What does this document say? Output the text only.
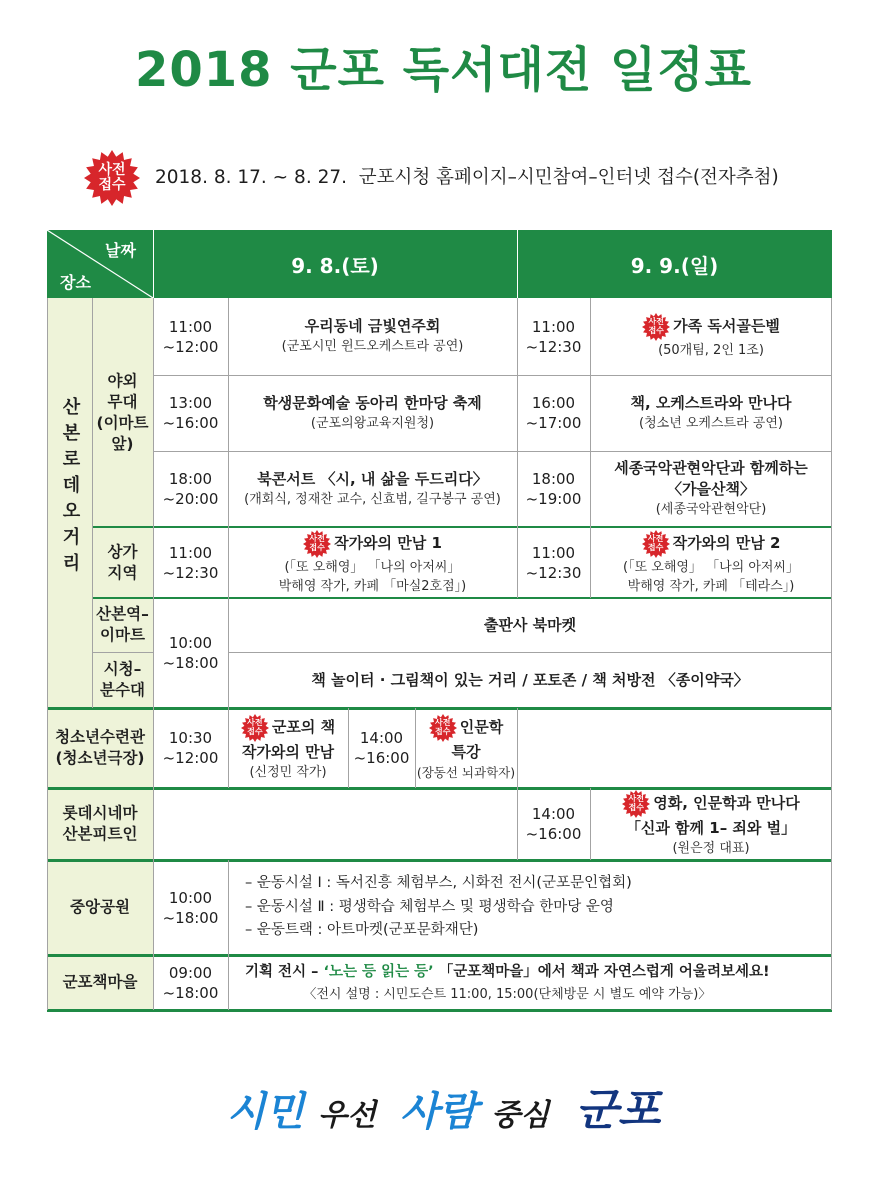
2018 군포 독서대전 일정표
사전
접수	2018. 8. 17. ~ 8. 27.  군포시청 홈페이지–시민참여–인터넷 접수(전자추첨)
날짜
장소
9. 8.(토)	9. 9.(일)
산본로데오거리
야외
무대
(이마트
앞)
상가
지역
산본역–
이마트
시청–
분수대
11:00
~12:00
우리동네 금빛연주회
(군포시민 윈드오케스트라 공연)
11:00
~12:30
사전
접수 가족 독서골든벨
(50개팀, 2인 1조)
13:00
~16:00
학생문화예술 동아리 한마당 축제
(군포의왕교육지원청)
16:00
~17:00
책, 오케스트라와 만나다
(청소년 오케스트라 공연)
18:00
~20:00
북콘서트 〈시, 내 삶을 두드리다〉
(개회식, 정재찬 교수, 신효범, 길구봉구 공연)
18:00
~19:00
세종국악관현악단과 함께하는
〈가을산책〉
(세종국악관현악단)
11:00
~12:30
사전
접수 작가와의 만남 1
(「또 오해영」 「나의 아저씨」
박해영 작가, 카페 「마실2호점」)
11:00
~12:30
사전
접수 작가와의 만남 2
(「또 오해영」 「나의 아저씨」
박해영 작가, 카페 「테라스」)
10:00
~18:00
출판사 북마켓
책 놀이터 · 그림책이 있는 거리 / 포토존 / 책 처방전 〈종이약국〉
청소년수련관
(청소년극장)
10:30
~12:00
사전
접수 군포의 책
작가와의 만남
(신정민 작가)
14:00
~16:00
사전
접수 인문학
특강
(장동선 뇌과학자)
롯데시네마
산본피트인
14:00
~16:00
사전
접수 영화, 인문학과 만나다
「신과 함께 1– 죄와 벌」
(원은정 대표)
중앙공원
10:00
~18:00
– 운동시설 Ⅰ : 독서진흥 체험부스, 시화전 전시(군포문인협회)
– 운동시설 Ⅱ : 평생학습 체험부스 및 평생학습 한마당 운영
– 운동트랙 : 아트마켓(군포문화재단)
군포책마을
09:00
~18:00
기획 전시 – ‘노는 등 읽는 등’ 「군포책마을」에서 책과 자연스럽게 어울려보세요!
〈전시 설명 : 시민도슨트 11:00, 15:00(단체방문 시 별도 예약 가능)〉
시민 우선 사람 중심 군포
